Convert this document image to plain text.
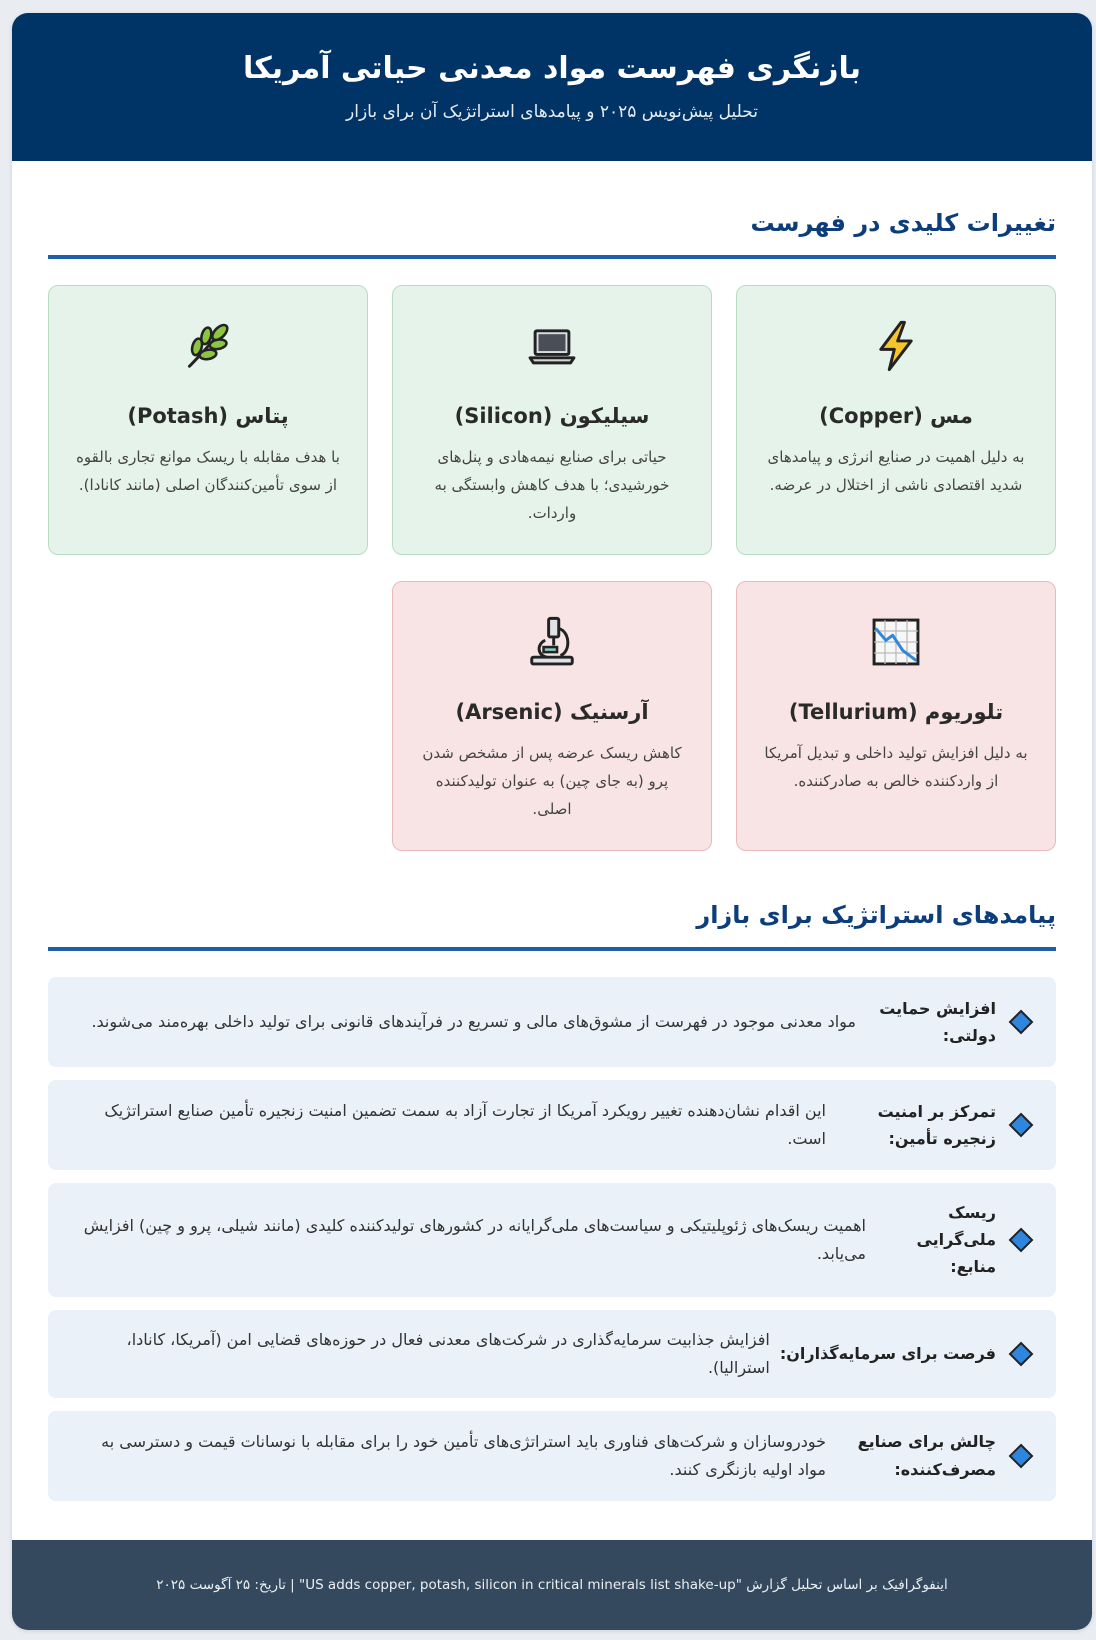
بازنگری فهرست مواد معدنی حیاتی آمریکا
تحلیل پیش‌نویس ۲۰۲۵ و پیامدهای استراتژیک آن برای بازار
تغییرات کلیدی در فهرست
مس (Copper)

به دلیل اهمیت در صنایع انرژی و پیامدهای شدید اقتصادی ناشی از اختلال در عرضه.

سیلیکون (Silicon)

حیاتی برای صنایع نیمه‌هادی و پنل‌های خورشیدی؛ با هدف کاهش وابستگی به واردات.

پتاس (Potash)

با هدف مقابله با ریسک موانع تجاری بالقوه از سوی تأمین‌کنندگان اصلی (مانند کانادا).

تلوریوم (Tellurium)

به دلیل افزایش تولید داخلی و تبدیل آمریکا از واردکننده خالص به صادرکننده.

آرسنیک (Arsenic)

کاهش ریسک عرضه پس از مشخص شدن پرو (به جای چین) به عنوان تولیدکننده اصلی.

پیامدهای استراتژیک برای بازار
افزایش حمایت دولتی:
مواد معدنی موجود در فهرست از مشوق‌های مالی و تسریع در فرآیندهای قانونی برای تولید داخلی بهره‌مند می‌شوند.
تمرکز بر امنیت زنجیره تأمین:
این اقدام نشان‌دهنده تغییر رویکرد آمریکا از تجارت آزاد به سمت تضمین امنیت زنجیره تأمین صنایع استراتژیک است.
ریسک ملی‌گرایی منابع:
اهمیت ریسک‌های ژئوپلیتیکی و سیاست‌های ملی‌گرایانه در کشورهای تولیدکننده کلیدی (مانند شیلی، پرو و چین) افزایش می‌یابد.
فرصت برای سرمایه‌گذاران:
افزایش جذابیت سرمایه‌گذاری در شرکت‌های معدنی فعال در حوزه‌های قضایی امن (آمریکا، کانادا، استرالیا).
چالش برای صنایع مصرف‌کننده:
خودروسازان و شرکت‌های فناوری باید استراتژی‌های تأمین خود را برای مقابله با نوسانات قیمت و دسترسی به مواد اولیه بازنگری کنند.
اینفوگرافیک بر اساس تحلیل گزارش "US adds copper, potash, silicon in critical minerals list shake-up" | تاریخ: ۲۵ آگوست ۲۰۲۵
